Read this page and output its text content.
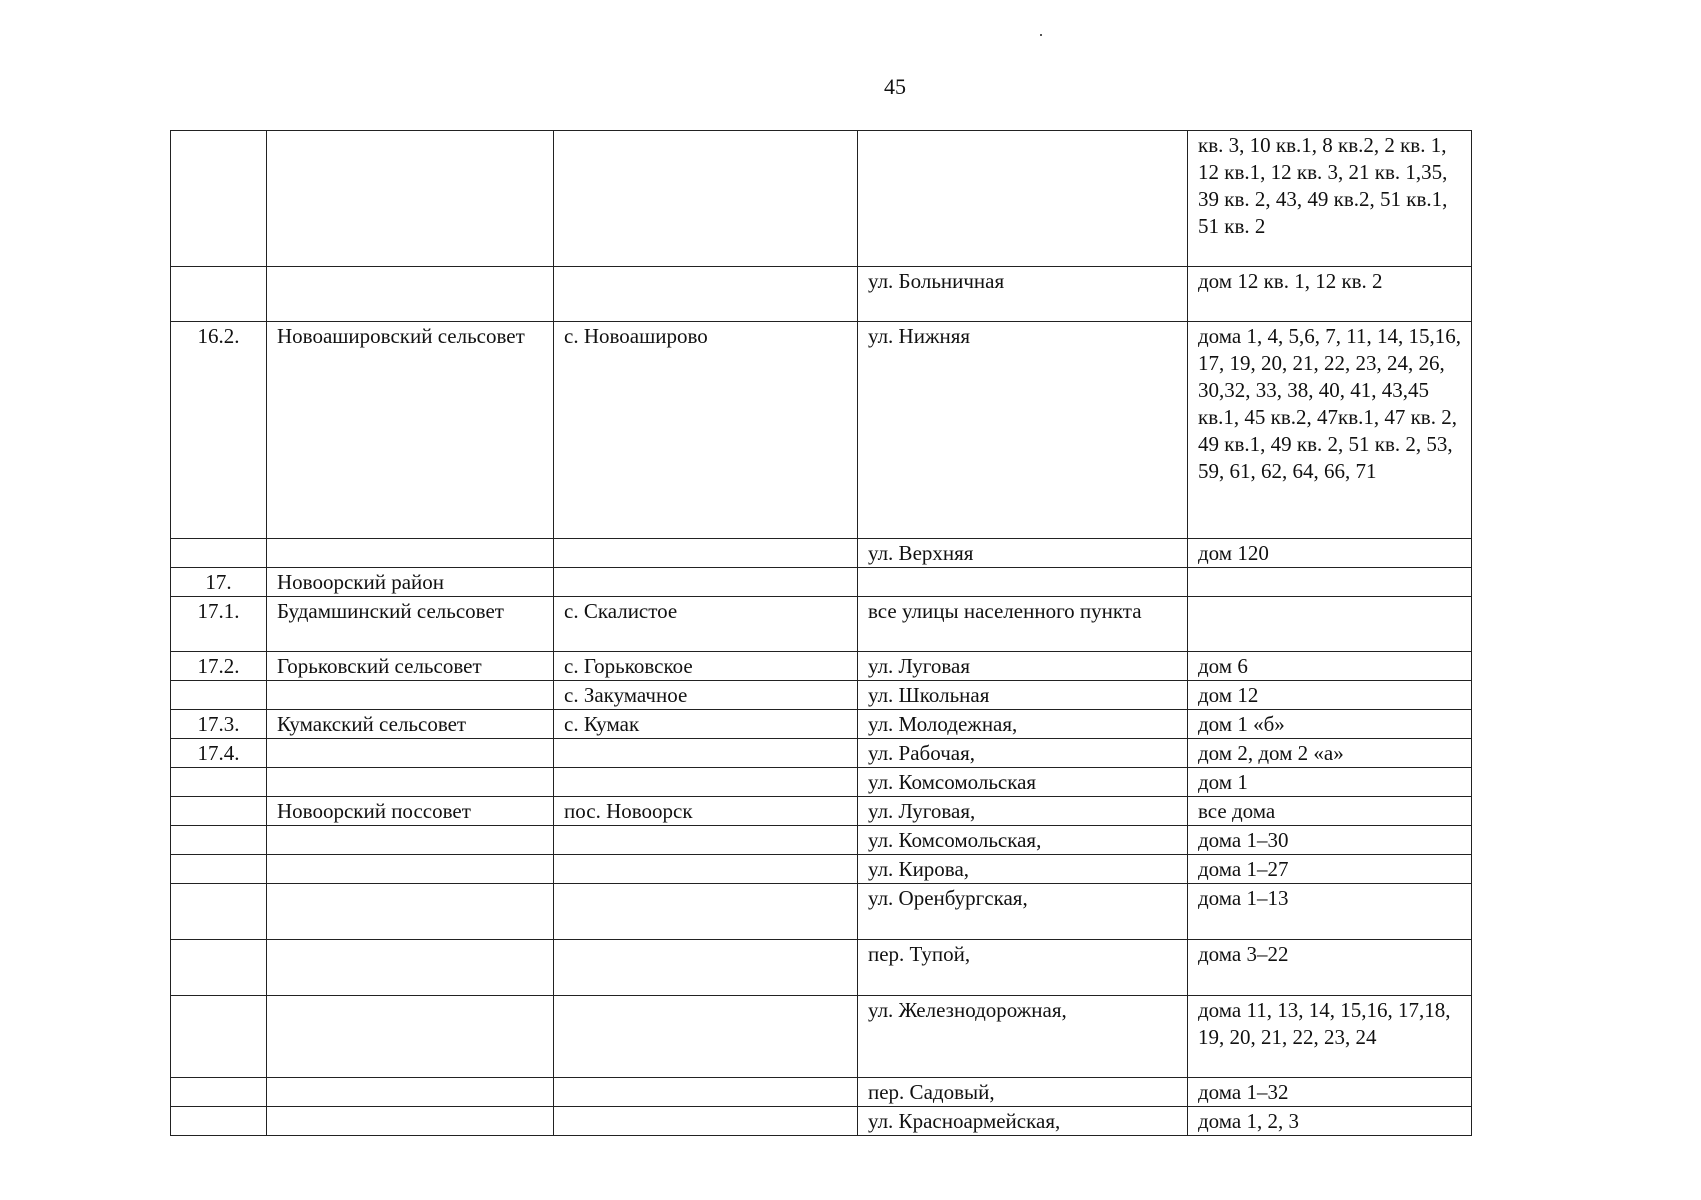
45
				кв. 3, 10 кв.1, 8 кв.2, 2 кв. 1, 12 кв.1, 12 кв. 3, 21 кв. 1,35, 39 кв. 2, 43, 49 кв.2, 51 кв.1, 51 кв. 2
			ул. Больничная	дом 12 кв. 1, 12 кв. 2
16.2.	Новоашировский сельсовет	с. Новоаширово	ул. Нижняя	дома 1, 4, 5,6, 7, 11, 14, 15,16, 17, 19, 20, 21, 22, 23, 24, 26, 30,32, 33, 38, 40, 41, 43,45 кв.1, 45 кв.2, 47кв.1, 47 кв. 2, 49 кв.1, 49 кв. 2, 51 кв. 2, 53, 59, 61, 62, 64, 66, 71
			ул. Верхняя	дом 120
17.	Новоорский район			
17.1.	Будамшинский сельсовет	с. Скалистое	все улицы населенного пункта	
17.2.	Горьковский сельсовет	с. Горьковское	ул. Луговая	дом 6
		с. Закумачное	ул. Школьная	дом 12
17.3.	Кумакский сельсовет	с. Кумак	ул. Молодежная,	дом 1 «б»
17.4.			ул. Рабочая,	дом 2, дом 2 «а»
			ул. Комсомольская	дом 1
	Новоорский поссовет	пос. Новоорск	ул. Луговая,	все дома
			ул. Комсомольская,	дома 1–30
			ул. Кирова,	дома 1–27
			ул. Оренбургская,	дома 1–13
			пер. Тупой,	дома 3–22
			ул. Железнодорожная,	дома 11, 13, 14, 15,16, 17,18, 19, 20, 21, 22, 23, 24
			пер. Садовый,	дома 1–32
			ул. Красноармейская,	дома 1, 2, 3
